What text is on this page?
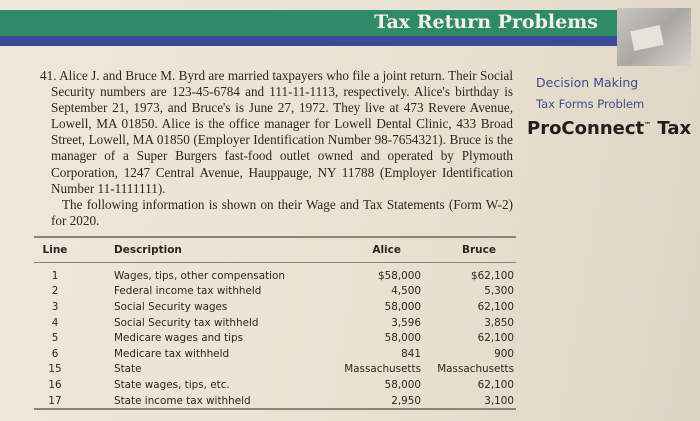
Tax Return Problems

41. Alice J. and Bruce M. Byrd are married taxpayers who file a joint return. Their Social Security numbers are 123-45-6784 and 111-11-1113, respectively. Alice's birthday is September 21, 1973, and Bruce's is June 27, 1972. They live at 473 Revere Avenue, Lowell, MA 01850. Alice is the office manager for Lowell Dental Clinic, 433 Broad Street, Lowell, MA 01850 (Employer Identification Number 98-7654321). Bruce is the manager of a Super Burgers fast-food outlet owned and operated by Plymouth Corporation, 1247 Central Avenue, Hauppauge, NY 11788 (Employer Identification Number 11-1111111).

The following information is shown on their Wage and Tax Statements (Form W-2) for 2020.

Decision Making
Tax Forms Problem
ProConnect™ Tax
Line	Description	Alice	Bruce
1	Wages, tips, other compensation	$58,000	$62,100
2	Federal income tax withheld	4,500	5,300
3	Social Security wages	58,000	62,100
4	Social Security tax withheld	3,596	3,850
5	Medicare wages and tips	58,000	62,100
6	Medicare tax withheld	841	900
15	State	Massachusetts	Massachusetts
16	State wages, tips, etc.	58,000	62,100
17	State income tax withheld	2,950	3,100
